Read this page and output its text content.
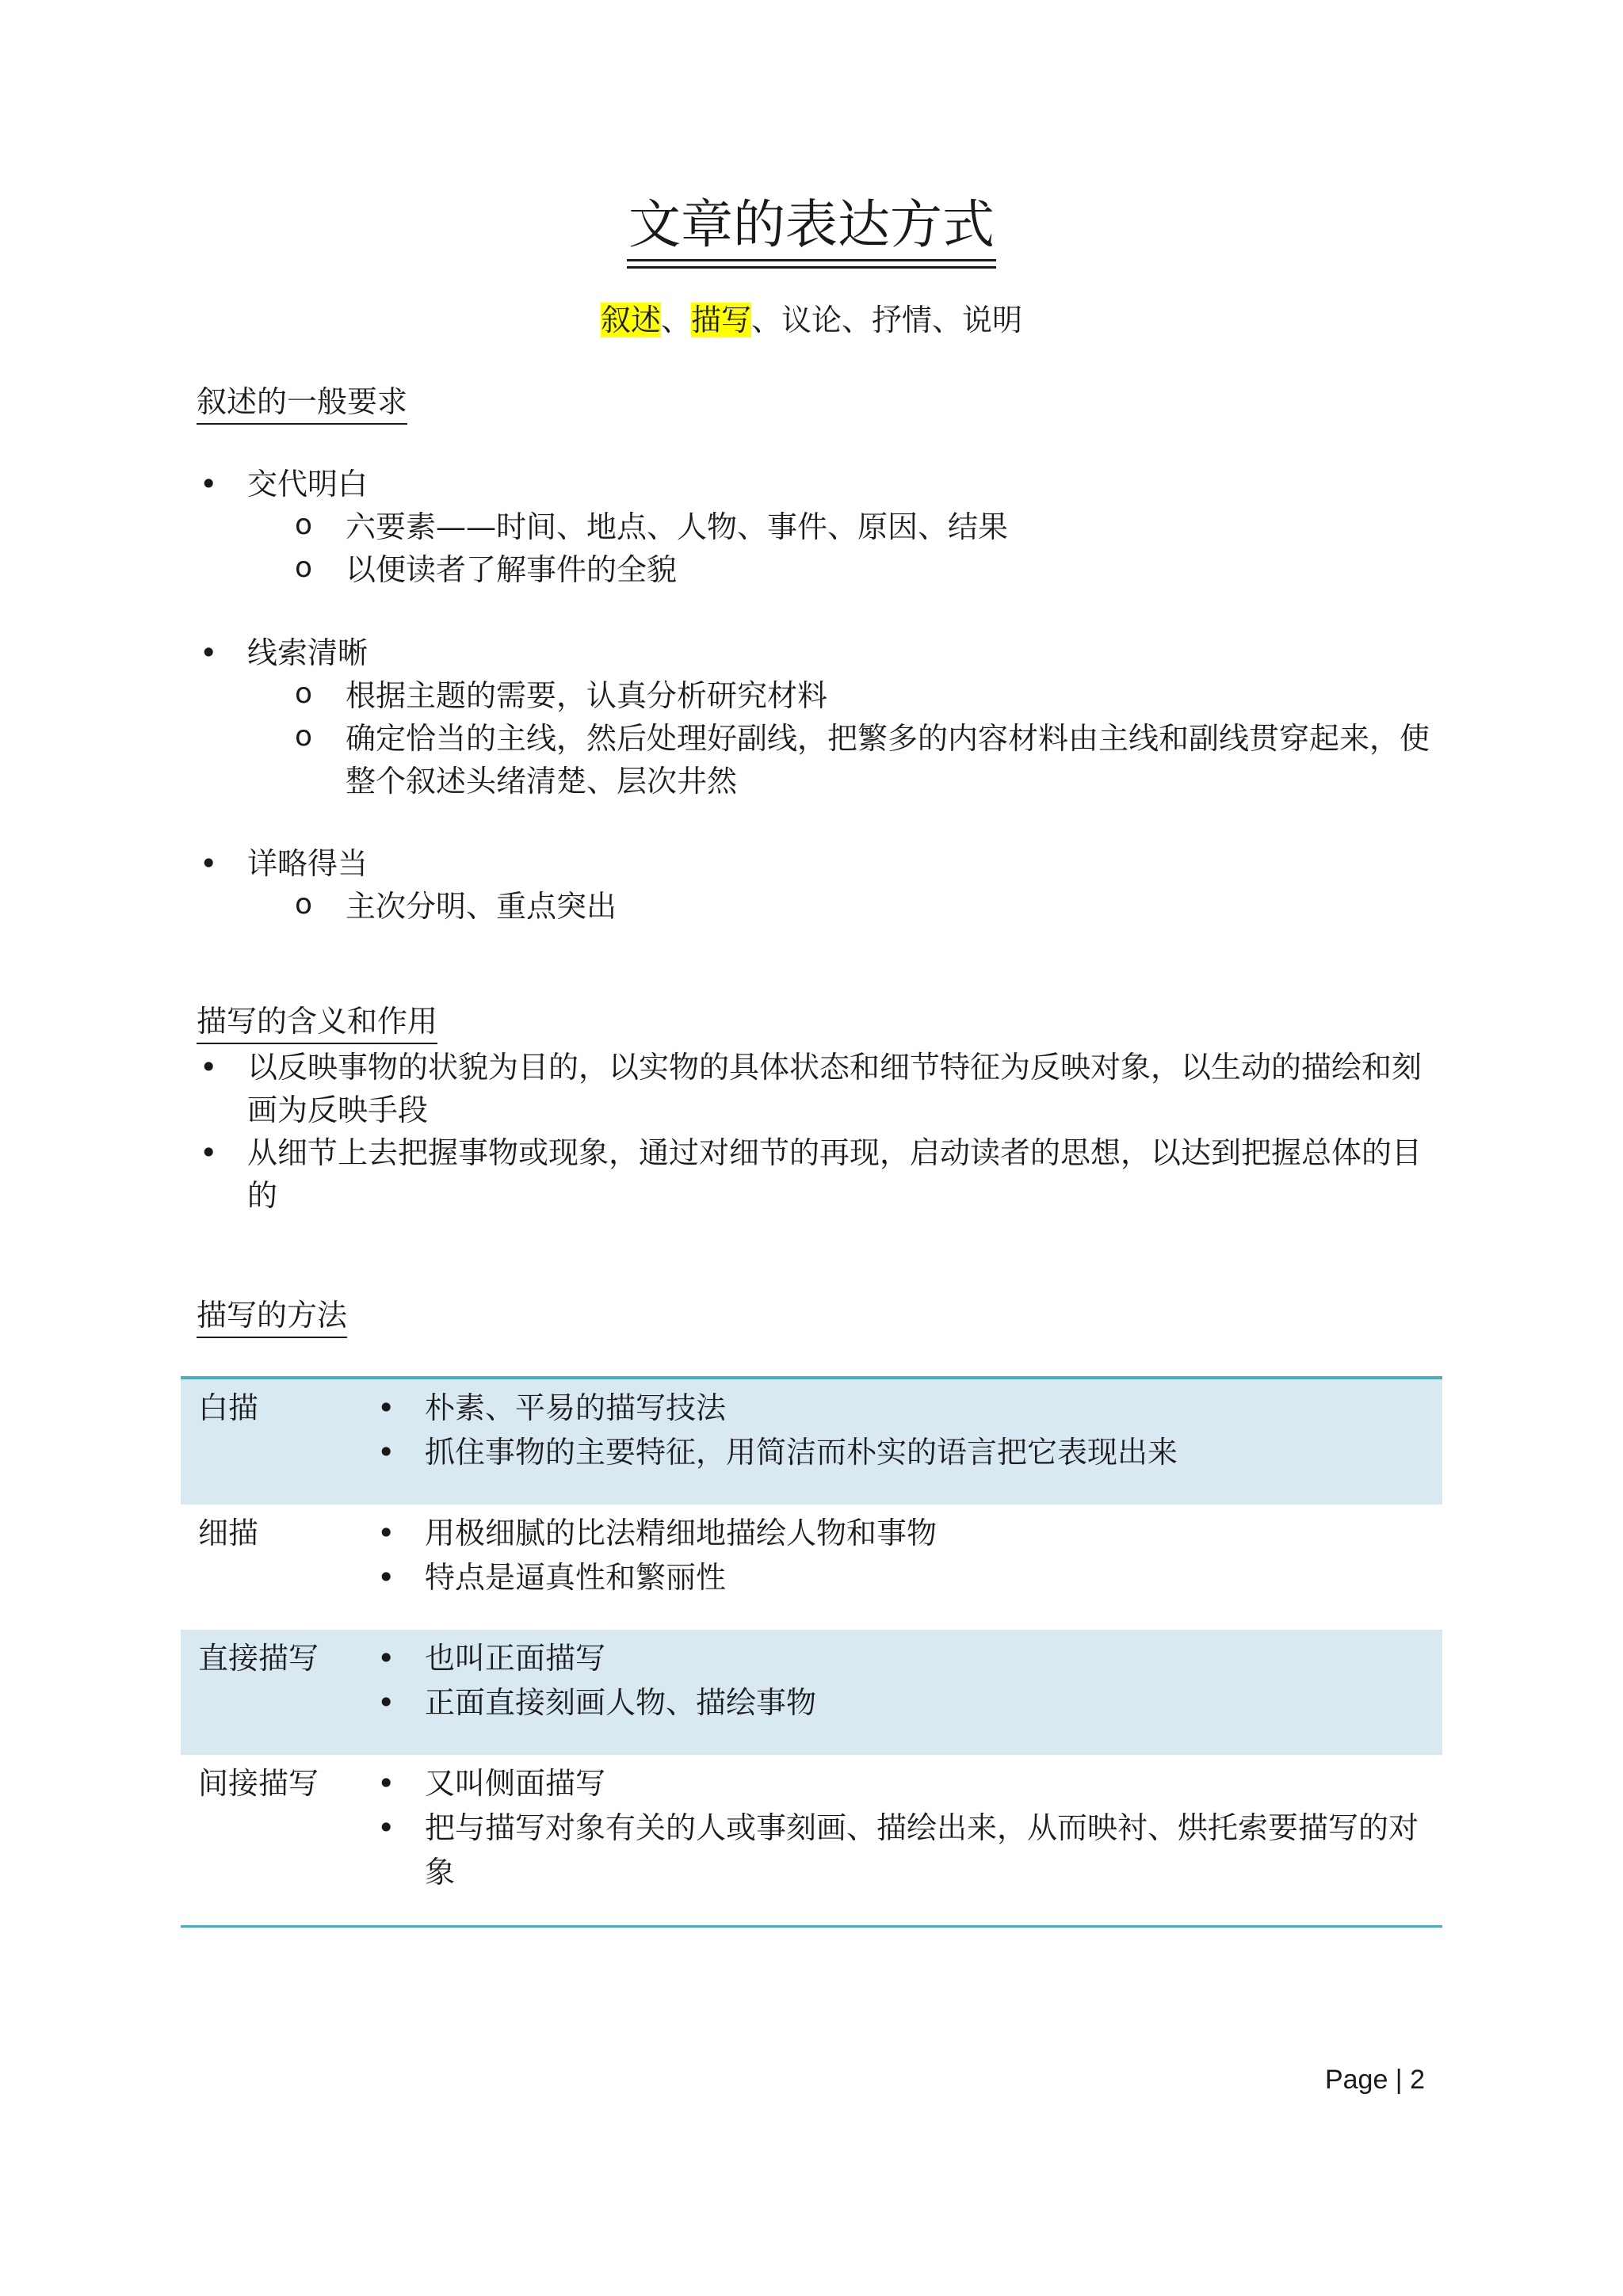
文章的表达方式
叙述、描写、议论、抒情、说明
叙述的一般要求
• 交代明白
o 六要素——时间、地点、人物、事件、原因、结果
o 以便读者了解事件的全貌
• 线索清晰
o 根据主题的需要，认真分析研究材料
o 确定恰当的主线，然后处理好副线，把繁多的内容材料由主线和副线贯穿起来，使整个叙述头绪清楚、层次井然
• 详略得当
o 主次分明、重点突出
描写的含义和作用
• 以反映事物的状貌为目的，以实物的具体状态和细节特征为反映对象，以生动的描绘和刻画为反映手段
• 从细节上去把握事物或现象，通过对细节的再现，启动读者的思想，以达到把握总体的目的
描写的方法
白描	• 朴素、平易的描写技法
• 抓住事物的主要特征，用简洁而朴实的语言把它表现出来
细描	• 用极细腻的比法精细地描绘人物和事物
• 特点是逼真性和繁丽性
直接描写	• 也叫正面描写
• 正面直接刻画人物、描绘事物
间接描写	• 又叫侧面描写
• 把与描写对象有关的人或事刻画、描绘出来，从而映衬、烘托索要描写的对象
Page | 2
